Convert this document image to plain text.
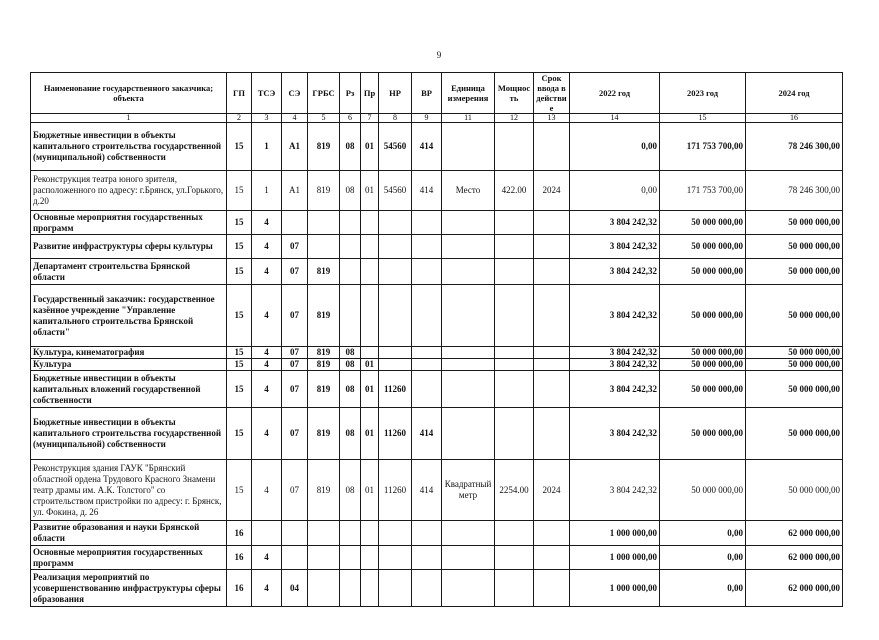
9
Наименование государственного заказчика; объекта	ГП	ТСЭ	СЭ	ГРБС	Рз	Пр	НР	ВР	Единица измерения	Мощность	Срок ввода в действие	2022 год	2023 год	2024 год
1	2	3	4	5	6	7	8	9	11	12	13	14	15	16
Бюджетные инвестиции в объекты капитального строительства государственной (муниципальной) собственности	15	1	А1	819	08	01	54560	414				0,00	171 753 700,00	78 246 300,00
Реконструкция театра юного зрителя, расположенного по адресу: г.Брянск, ул.Горького, д.20	15	1	А1	819	08	01	54560	414	Место	422.00	2024	0,00	171 753 700,00	78 246 300,00
Основные мероприятия государственных программ	15	4										3 804 242,32	50 000 000,00	50 000 000,00
Развитие инфраструктуры сферы культуры	15	4	07									3 804 242,32	50 000 000,00	50 000 000,00
Департамент строительства Брянской области	15	4	07	819								3 804 242,32	50 000 000,00	50 000 000,00
Государственный заказчик: государственное казённое учреждение "Управление капитального строительства Брянской области"	15	4	07	819								3 804 242,32	50 000 000,00	50 000 000,00
Культура, кинематография	15	4	07	819	08							3 804 242,32	50 000 000,00	50 000 000,00
Культура	15	4	07	819	08	01						3 804 242,32	50 000 000,00	50 000 000,00
Бюджетные инвестиции в объекты капитальных вложений государственной собственности	15	4	07	819	08	01	11260					3 804 242,32	50 000 000,00	50 000 000,00
Бюджетные инвестиции в объекты капитального строительства государственной (муниципальной) собственности	15	4	07	819	08	01	11260	414				3 804 242,32	50 000 000,00	50 000 000,00
Реконструкция здания ГАУК "Брянский областной ордена Трудового Красного Знамени театр драмы им. А.К. Толстого" со строительством пристройки по адресу: г. Брянск, ул. Фокина, д. 26	15	4	07	819	08	01	11260	414	Квадратный метр	2254.00	2024	3 804 242,32	50 000 000,00	50 000 000,00
Развитие образования и науки Брянской области	16											1 000 000,00	0,00	62 000 000,00
Основные мероприятия государственных программ	16	4										1 000 000,00	0,00	62 000 000,00
Реализация мероприятий по усовершенствованию инфраструктуры сферы образования	16	4	04									1 000 000,00	0,00	62 000 000,00
